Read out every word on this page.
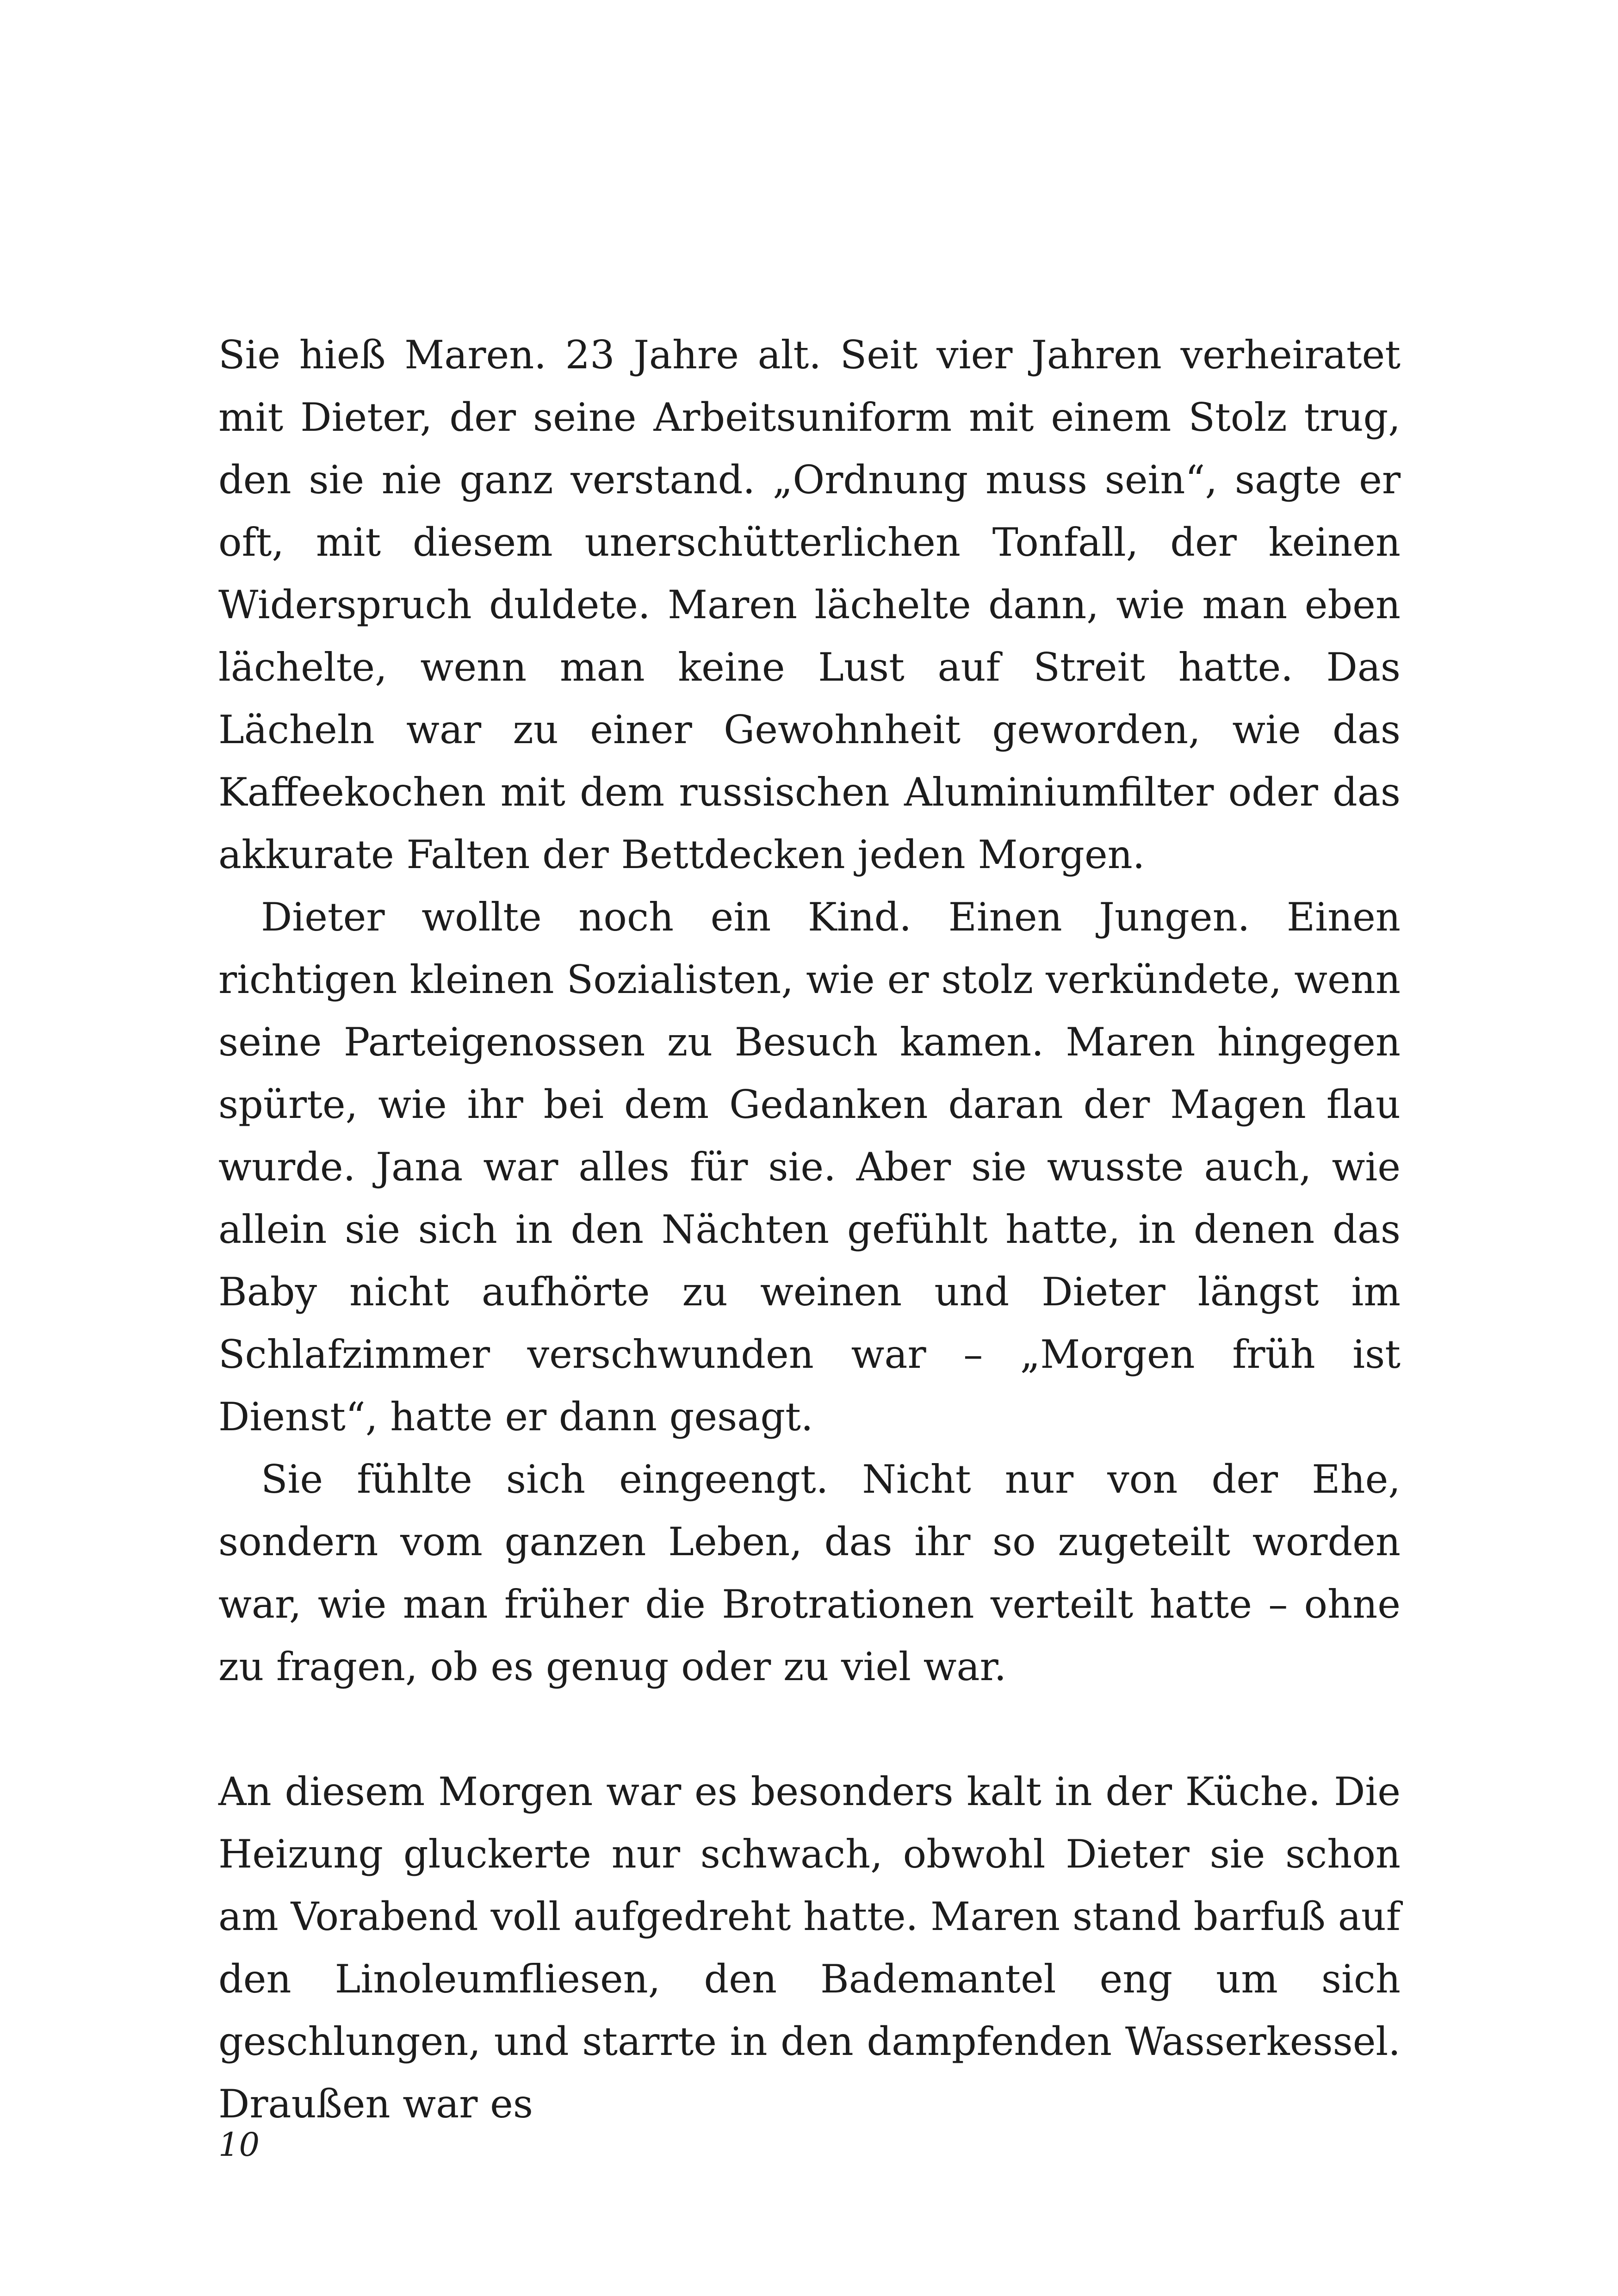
Sie hieß Maren. 23 Jahre alt. Seit vier Jahren verheiratet mit Dieter, der seine Arbeitsuniform mit einem Stolz trug, den sie nie ganz verstand. „Ordnung muss sein“, sagte er oft, mit diesem unerschütterlichen Tonfall, der keinen Widerspruch duldete. Maren lächelte dann, wie man eben lächelte, wenn man keine Lust auf Streit hatte. Das Lächeln war zu einer Gewohnheit geworden, wie das Kaffeekochen mit dem russischen Aluminiumfilter oder das akkurate Falten der Bettdecken jeden Morgen.

Dieter wollte noch ein Kind. Einen Jungen. Einen richtigen kleinen Sozialisten, wie er stolz verkündete, wenn seine Parteigenossen zu Besuch kamen. Maren hingegen spürte, wie ihr bei dem Gedanken daran der Magen flau wurde. Jana war alles für sie. Aber sie wusste auch, wie allein sie sich in den Nächten gefühlt hatte, in denen das Baby nicht aufhörte zu weinen und Dieter längst im Schlafzimmer verschwunden war – „Morgen früh ist Dienst“, hatte er dann gesagt.

Sie fühlte sich eingeengt. Nicht nur von der Ehe, sondern vom ganzen Leben, das ihr so zugeteilt worden war, wie man früher die Brotrationen verteilt hatte – ohne zu fragen, ob es genug oder zu viel war.

An diesem Morgen war es besonders kalt in der Küche. Die Heizung gluckerte nur schwach, obwohl Dieter sie schon am Vorabend voll aufgedreht hatte. Maren stand barfuß auf den Linoleumfliesen, den Bademantel eng um sich geschlungen, und starrte in den dampfenden Wasserkessel. Draußen war es

10
